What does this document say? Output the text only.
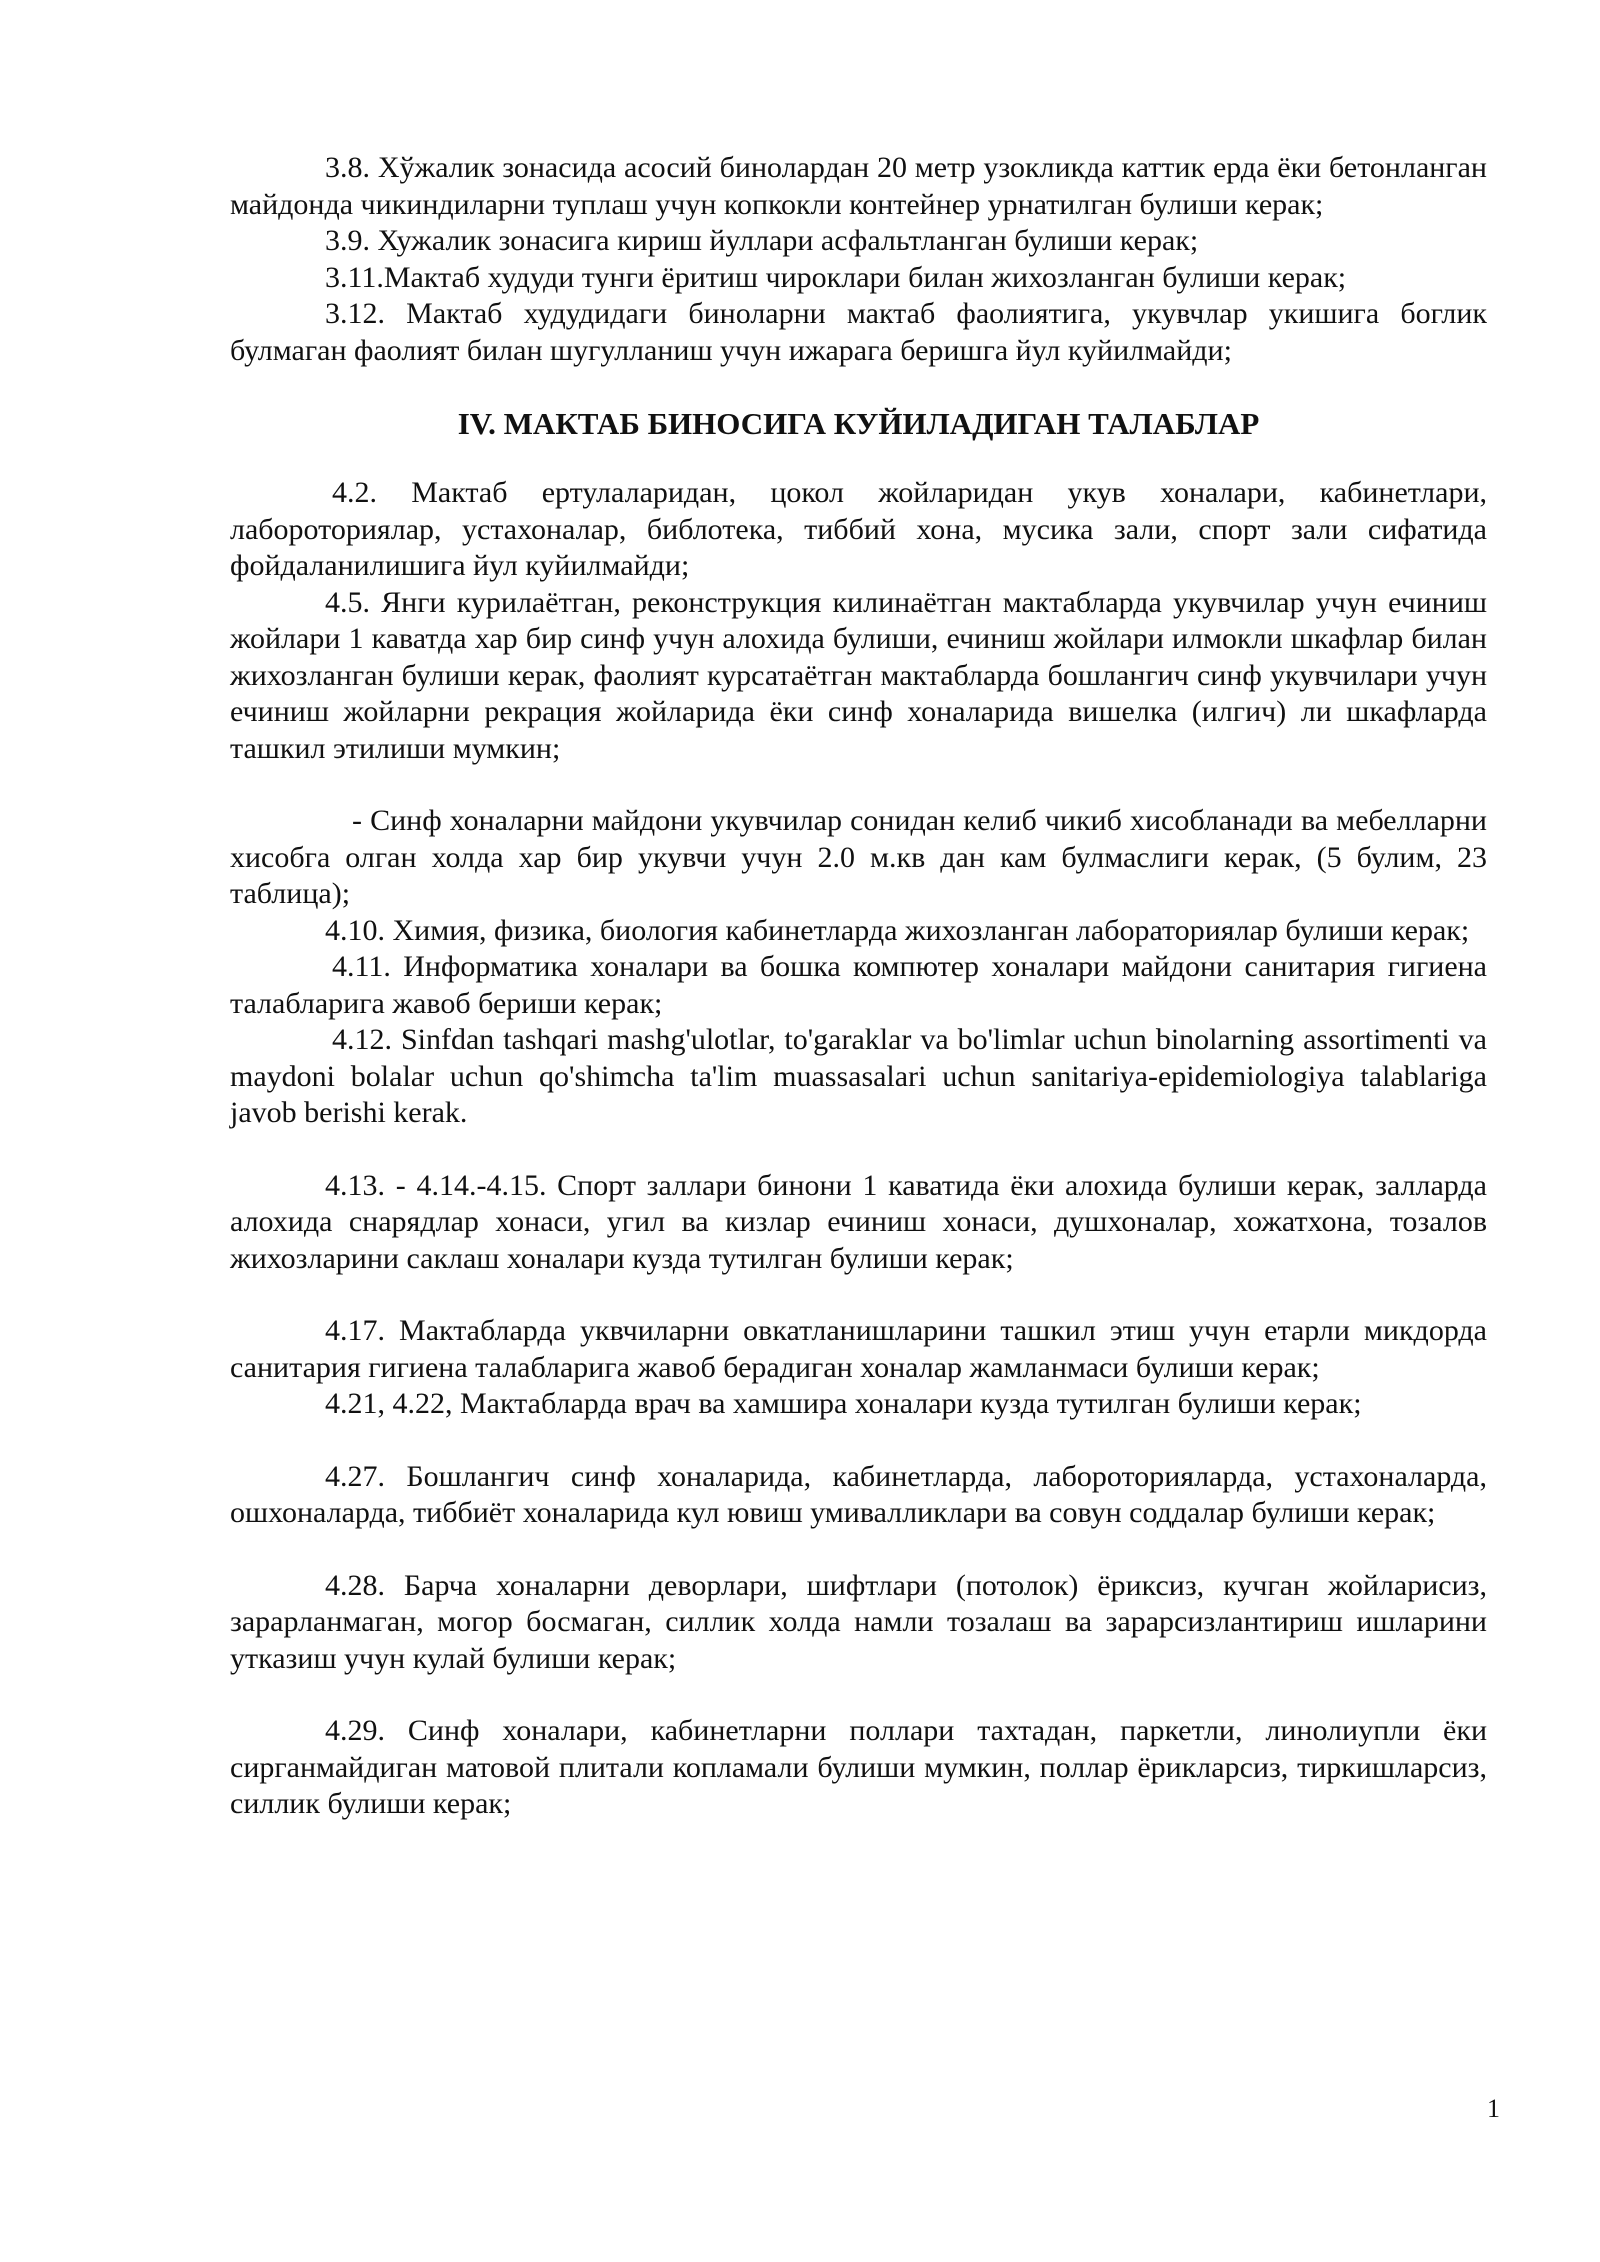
3.8. Хўжалик зонасида асосий бинолардан 20 метр узокликда каттик ерда ёки бетонланган майдонда чикиндиларни туплаш учун копкокли контейнер урнатилган булиши керак;

3.9. Хужалик зонасига кириш йуллари асфальтланган булиши керак;

3.11.Мактаб худуди тунги ёритиш чироклари билан жихозланган булиши керак;

3.12. Мактаб худудидаги биноларни мактаб фаолиятига, укувчлар укишига боглик булмаган фаолият билан шугулланиш учун ижарага беришга йул куйилмайди;

IV. МАКТАБ БИНОСИГА КУЙИЛАДИГАН ТАЛАБЛАР

4.2. Мактаб ертулаларидан, цокол жойларидан укув хоналари, кабинетлари, лабороториялар, устахоналар, библотека, тиббий хона, мусика зали, спорт зали сифатида фойдаланилишига йул куйилмайди;

4.5. Янги курилаётган, реконструкция килинаётган мактабларда укувчилар учун ечиниш жойлари 1 каватда хар бир синф учун алохида булиши, ечиниш жойлари илмокли шкафлар билан жихозланган булиши керак, фаолият курсатаётган мактабларда бошлангич синф укувчилари учун ечиниш жойларни рекрация жойларида ёки синф хоналарида вишелка (илгич) ли шкафларда ташкил этилиши мумкин;

- Синф хоналарни майдони укувчилар сонидан келиб чикиб хисобланади ва мебелларни хисобга олган холда хар бир укувчи учун 2.0 м.кв дан кам булмаслиги керак, (5 булим, 23 таблица);

4.10. Химия, физика, биология кабинетларда жихозланган лабораториялар булиши керак;

4.11. Информатика хоналари ва бошка компютер хоналари майдони санитария гигиена талабларига жавоб бериши керак;

4.12. Sinfdan tashqari mashg'ulotlar, to'garaklar va bo'limlar uchun binolarning assortimenti va maydoni bolalar uchun qo'shimcha ta'lim muassasalari uchun sanitariya-epidemiologiya talablariga javob berishi kerak.

4.13. - 4.14.-4.15. Спорт заллари бинони 1 каватида ёки алохида булиши керак, залларда алохида снарядлар хонаси, угил ва кизлар ечиниш хонаси, душхоналар, хожатхона, тозалов жихозларини саклаш хоналари кузда тутилган булиши керак;

4.17. Мактабларда уквчиларни овкатланишларини ташкил этиш учун етарли микдорда санитария гигиена талабларига жавоб берадиган хоналар жамланмаси булиши керак;

4.21, 4.22, Мактабларда врач ва хамшира хоналари кузда тутилган булиши керак;

4.27. Бошлангич синф хоналарида, кабинетларда, лабороторияларда, устахоналарда, ошхоналарда, тиббиёт хоналарида кул ювиш умивалликлари ва совун соддалар булиши керак;

4.28. Барча хоналарни деворлари, шифтлари (потолок) ёриксиз, кучган жойларисиз, зарарланмаган, могор босмаган, силлик холда намли тозалаш ва зарарсизлантириш ишларини утказиш учун кулай булиши керак;

4.29. Синф хоналари, кабинетларни поллари тахтадан, паркетли, линолиупли ёки сирганмайдиган матовой плитали копламали булиши мумкин, поллар ёрикларсиз, тиркишларсиз, силлик булиши керак;

1
